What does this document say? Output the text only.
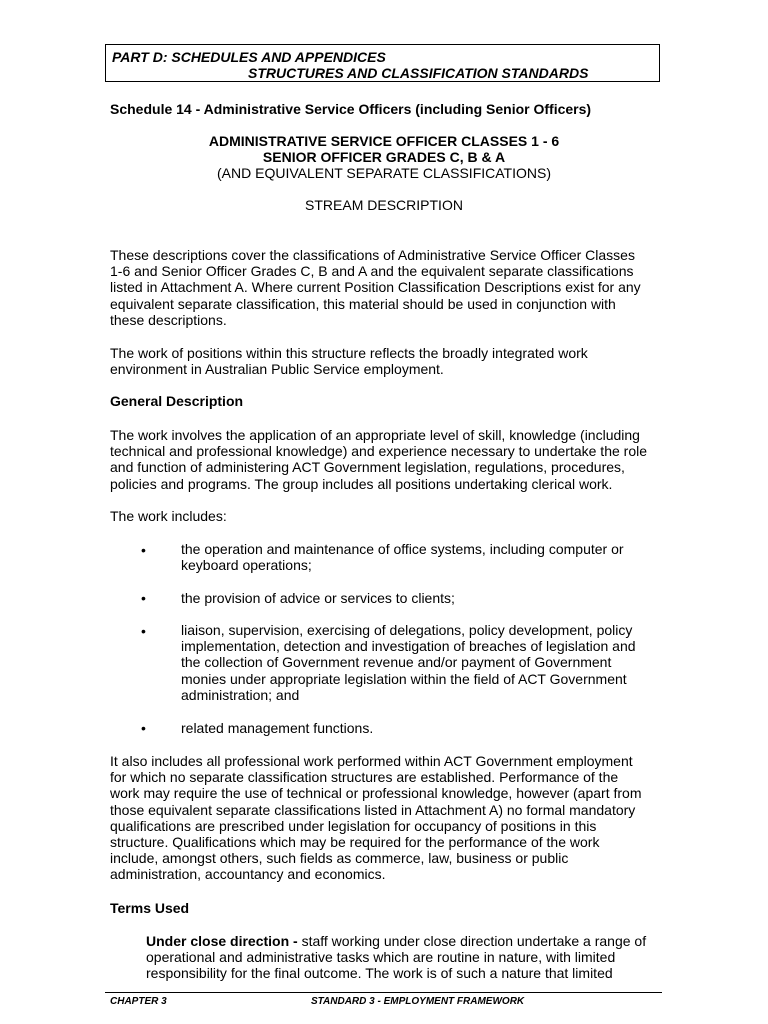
PART D: SCHEDULES AND APPENDICES
STRUCTURES AND CLASSIFICATION STANDARDS
Schedule 14 - Administrative Service Officers (including Senior Officers)
ADMINISTRATIVE SERVICE OFFICER CLASSES 1 - 6
SENIOR OFFICER GRADES C, B & A
(AND EQUIVALENT SEPARATE CLASSIFICATIONS)
STREAM DESCRIPTION
These descriptions cover the classifications of Administrative Service Officer Classes
1-6 and Senior Officer Grades C, B and A and the equivalent separate classifications
listed in Attachment A. Where current Position Classification Descriptions exist for any
equivalent separate classification, this material should be used in conjunction with
these descriptions.
The work of positions within this structure reflects the broadly integrated work
environment in Australian Public Service employment.
General Description
The work involves the application of an appropriate level of skill, knowledge (including
technical and professional knowledge) and experience necessary to undertake the role
and function of administering ACT Government legislation, regulations, procedures,
policies and programs. The group includes all positions undertaking clerical work.
The work includes:
•	the operation and maintenance of office systems, including computer or
keyboard operations;
•	the provision of advice or services to clients;
•	liaison, supervision, exercising of delegations, policy development, policy
implementation, detection and investigation of breaches of legislation and
the collection of Government revenue and/or payment of Government
monies under appropriate legislation within the field of ACT Government
administration; and
•	related management functions.
It also includes all professional work performed within ACT Government employment
for which no separate classification structures are established. Performance of the
work may require the use of technical or professional knowledge, however (apart from
those equivalent separate classifications listed in Attachment A) no formal mandatory
qualifications are prescribed under legislation for occupancy of positions in this
structure. Qualifications which may be required for the performance of the work
include, amongst others, such fields as commerce, law, business or public
administration, accountancy and economics.
Terms Used
Under close direction - staff working under close direction undertake a range of
operational and administrative tasks which are routine in nature, with limited
responsibility for the final outcome. The work is of such a nature that limited
CHAPTER 3	STANDARD 3 - EMPLOYMENT FRAMEWORK
